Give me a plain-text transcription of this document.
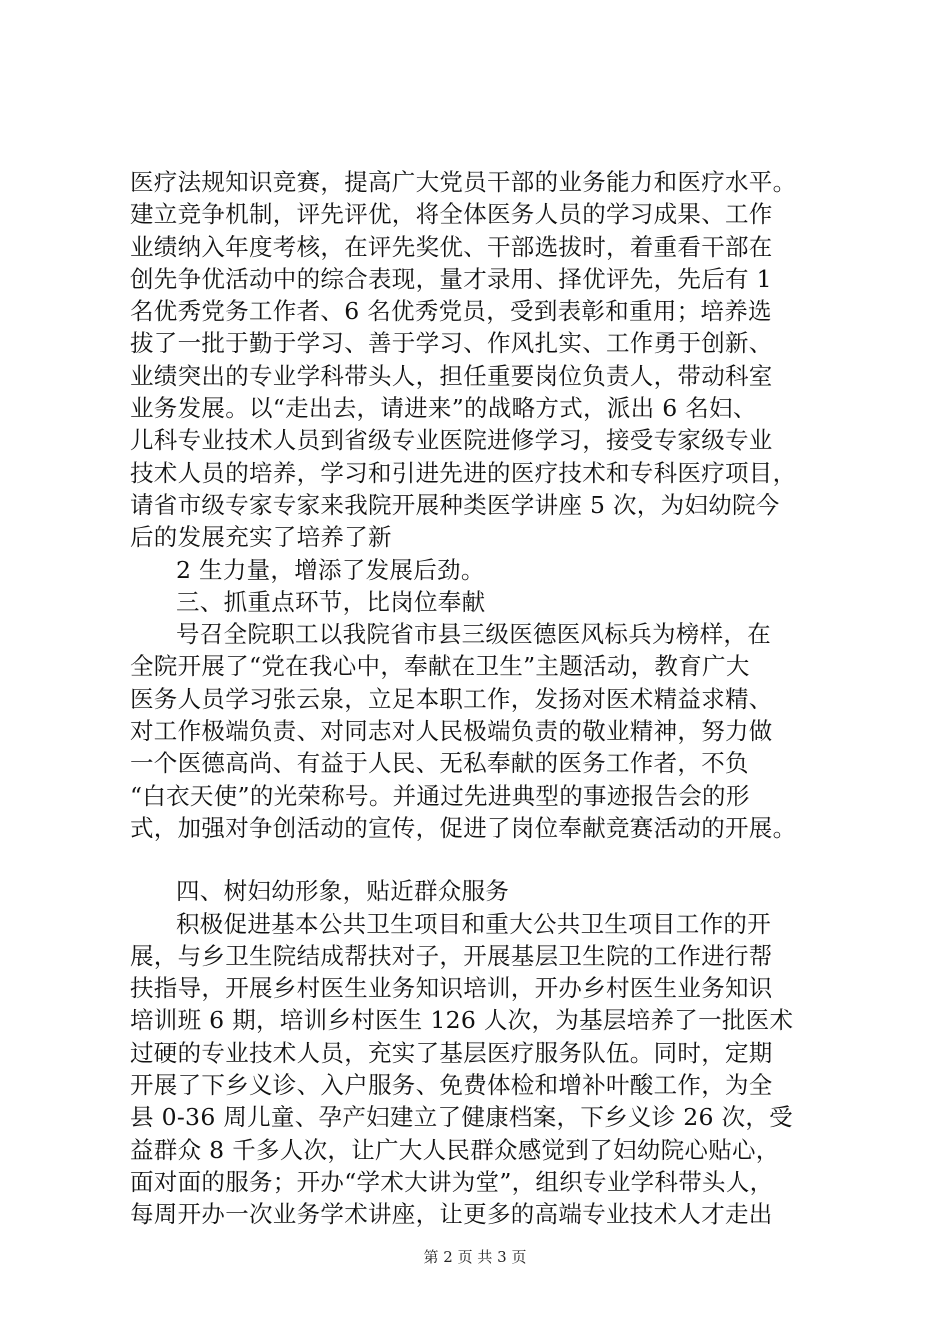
医疗法规知识竞赛，提高广大党员干部的业务能力和医疗水平。
建立竞争机制，评先评优，将全体医务人员的学习成果、工作
业绩纳入年度考核，在评先奖优、干部选拔时，着重看干部在
创先争优活动中的综合表现，量才录用、择优评先，先后有 1
名优秀党务工作者、6 名优秀党员，受到表彰和重用；培养选
拔了一批于勤于学习、善于学习、作风扎实、工作勇于创新、
业绩突出的专业学科带头人，担任重要岗位负责人，带动科室
业务发展。以“走出去，请进来”的战略方式，派出 6 名妇、
儿科专业技术人员到省级专业医院进修学习，接受专家级专业
技术人员的培养，学习和引进先进的医疗技术和专科医疗项目，
请省市级专家专家来我院开展种类医学讲座 5 次，为妇幼院今
后的发展充实了培养了新
2 生力量，增添了发展后劲。
三、抓重点环节，比岗位奉献
号召全院职工以我院省市县三级医德医风标兵为榜样，在
全院开展了“党在我心中，奉献在卫生”主题活动，教育广大
医务人员学习张云泉，立足本职工作，发扬对医术精益求精、
对工作极端负责、对同志对人民极端负责的敬业精神，努力做
一个医德高尚、有益于人民、无私奉献的医务工作者，不负
“白衣天使”的光荣称号。并通过先进典型的事迹报告会的形
式，加强对争创活动的宣传，促进了岗位奉献竞赛活动的开展。
四、树妇幼形象，贴近群众服务
积极促进基本公共卫生项目和重大公共卫生项目工作的开
展，与乡卫生院结成帮扶对子，开展基层卫生院的工作进行帮
扶指导，开展乡村医生业务知识培训，开办乡村医生业务知识
培训班 6 期，培训乡村医生 126 人次，为基层培养了一批医术
过硬的专业技术人员，充实了基层医疗服务队伍。同时，定期
开展了下乡义诊、入户服务、免费体检和增补叶酸工作，为全
县 0-36 周儿童、孕产妇建立了健康档案，下乡义诊 26 次，受
益群众 8 千多人次，让广大人民群众感觉到了妇幼院心贴心，
面对面的服务；开办“学术大讲为堂”，组织专业学科带头人，
每周开办一次业务学术讲座，让更多的高端专业技术人才走出
第 2 页 共 3 页
